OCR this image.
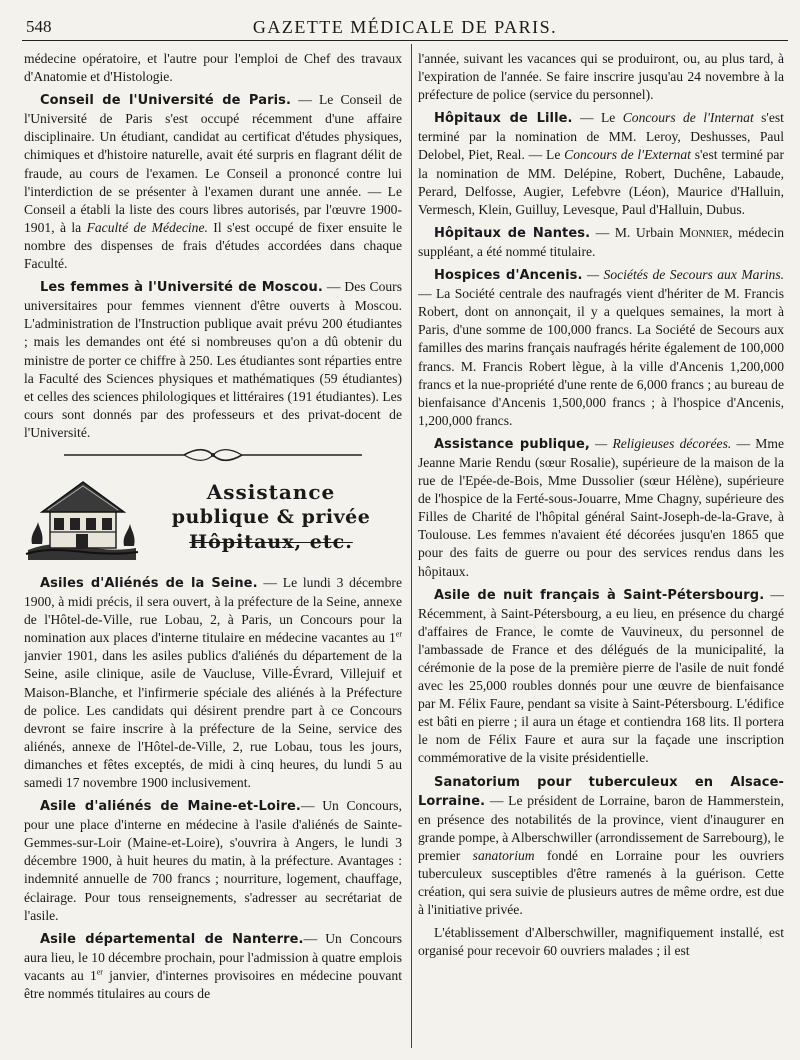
548	GAZETTE MÉDICALE DE PARIS.

médecine opératoire, et l'autre pour l'emploi de Chef des travaux d'Anatomie et d'Histologie.

Conseil de l'Université de Paris. — Le Conseil de l'Université de Paris s'est occupé récemment d'une affaire disciplinaire. Un étudiant, candidat au certificat d'études physiques, chimiques et d'histoire naturelle, avait été surpris en flagrant délit de fraude, au cours de l'examen. Le Conseil a prononcé contre lui l'interdiction de se présenter à l'examen durant une année. — Le Conseil a établi la liste des cours libres autorisés, par l'œuvre 1900-1901, à la Faculté de Médecine. Il s'est occupé de fixer ensuite le nombre des dispenses de frais d'études accordées dans chaque Faculté.

Les femmes à l'Université de Moscou. — Des Cours universitaires pour femmes viennent d'être ouverts à Moscou. L'administration de l'Instruction publique avait prévu 200 étudiantes ; mais les demandes ont été si nombreuses qu'on a dû obtenir du ministre de porter ce chiffre à 250. Les étudiantes sont réparties entre la Faculté des Sciences physiques et mathématiques (59 étudiantes) et celles des sciences philologiques et littéraires (191 étudiantes). Les cours sont donnés par des professeurs et des privat-docent de l'Université.

Assistance
publique & privée
Hôpitaux, etc.

Asiles d'Aliénés de la Seine. — Le lundi 3 décembre 1900, à midi précis, il sera ouvert, à la préfecture de la Seine, annexe de l'Hôtel-de-Ville, rue Lobau, 2, à Paris, un Concours pour la nomination aux places d'interne titulaire en médecine vacantes au 1er janvier 1901, dans les asiles publics d'aliénés du département de la Seine, asile clinique, asile de Vaucluse, Ville-Évrard, Villejuif et Maison-Blanche, et l'infirmerie spéciale des aliénés à la Préfecture de police. Les candidats qui désirent prendre part à ce Concours devront se faire inscrire à la préfecture de la Seine, service des aliénés, annexe de l'Hôtel-de-Ville, 2, rue Lobau, tous les jours, dimanches et fêtes exceptés, de midi à cinq heures, du lundi 5 au samedi 17 novembre 1900 inclusivement.

Asile d'aliénés de Maine-et-Loire.— Un Concours, pour une place d'interne en médecine à l'asile d'aliénés de Sainte-Gemmes-sur-Loir (Maine-et-Loire), s'ouvrira à Angers, le lundi 3 décembre 1900, à huit heures du matin, à la préfecture. Avantages : indemnité annuelle de 700 francs ; nourriture, logement, chauffage, éclairage. Pour tous renseignements, s'adresser au secrétariat de l'asile.

Asile départemental de Nanterre.— Un Concours aura lieu, le 10 décembre prochain, pour l'admission à quatre emplois vacants au 1er janvier, d'internes provisoires en médecine pouvant être nommés titulaires au cours de

l'année, suivant les vacances qui se produiront, ou, au plus tard, à l'expiration de l'année. Se faire inscrire jusqu'au 24 novembre à la préfecture de police (service du personnel).

Hôpitaux de Lille. — Le Concours de l'Internat s'est terminé par la nomination de MM. Leroy, Deshusses, Paul Delobel, Piet, Real. — Le Concours de l'Externat s'est terminé par la nomination de MM. Delépine, Robert, Duchêne, Labaude, Perard, Delfosse, Augier, Lefebvre (Léon), Maurice d'Halluin, Vermesch, Klein, Guilluy, Levesque, Paul d'Halluin, Dubus.

Hôpitaux de Nantes. — M. Urbain Monnier, médecin suppléant, a été nommé titulaire.

Hospices d'Ancenis. — Sociétés de Secours aux Marins. — La Société centrale des naufragés vient d'hériter de M. Francis Robert, dont on annonçait, il y a quelques semaines, la mort à Paris, d'une somme de 100,000 francs. La Société de Secours aux familles des marins français naufragés hérite également de 100,000 francs. M. Francis Robert lègue, à la ville d'Ancenis 1,200,000 francs et la nue-propriété d'une rente de 6,000 francs ; au bureau de bienfaisance d'Ancenis 1,500,000 francs ; à l'hospice d'Ancenis, 1,200,000 francs.

Assistance publique, — Religieuses décorées. — Mme Jeanne Marie Rendu (sœur Rosalie), supérieure de la maison de la rue de l'Epée-de-Bois, Mme Dussolier (sœur Hélène), supérieure de l'hospice de la Ferté-sous-Jouarre, Mme Chagny, supérieure des Filles de Charité de l'hôpital général Saint-Joseph-de-la-Grave, à Toulouse. Les femmes n'avaient été décorées jusqu'en 1865 que pour des faits de guerre ou pour des services rendus dans les hôpitaux.

Asile de nuit français à Saint-Pétersbourg. — Récemment, à Saint-Pétersbourg, a eu lieu, en présence du chargé d'affaires de France, le comte de Vauvineux, du personnel de l'ambassade de France et des délégués de la municipalité, la cérémonie de la pose de la première pierre de l'asile de nuit fondé avec les 25,000 roubles donnés pour une œuvre de bienfaisance par M. Félix Faure, pendant sa visite à Saint-Pétersbourg. L'édifice est bâti en pierre ; il aura un étage et contiendra 168 lits. Il portera le nom de Félix Faure et aura sur la façade une inscription commémorative de la visite présidentielle.

Sanatorium pour tuberculeux en Alsace-Lorraine. — Le président de Lorraine, baron de Hammerstein, en présence des notabilités de la province, vient d'inaugurer en grande pompe, à Alberschwiller (arrondissement de Sarrebourg), le premier sanatorium fondé en Lorraine pour les ouvriers tuberculeux susceptibles d'être ramenés à la guérison. Cette création, qui sera suivie de plusieurs autres de même ordre, est due à l'initiative privée.

L'établissement d'Alberschwiller, magnifiquement installé, est organisé pour recevoir 60 ouvriers malades ; il est
